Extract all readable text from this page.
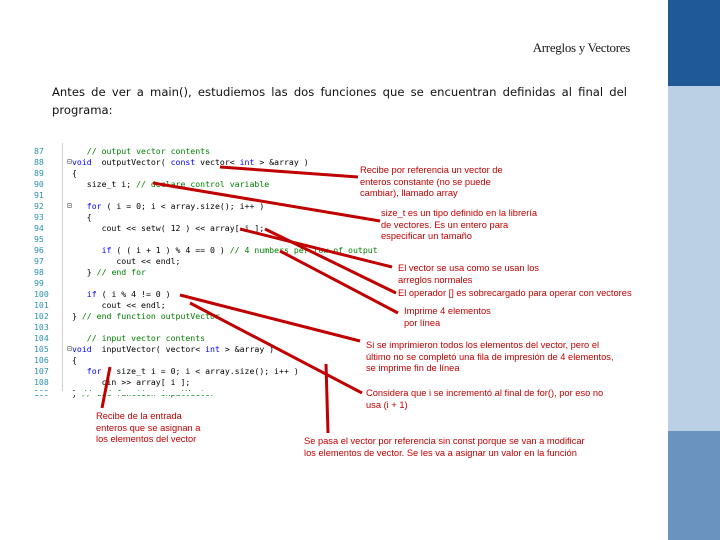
Arreglos y Vectores
Antes de ver a main(), estudiemos las dos funciones que se encuentran definidas al final del
programa:
87	// output vector contents
88	⊟ void  outputVector( const vector< int > &array )
89	{
90	size_t i; // declare control variable
91
92	⊟	for ( i = 0; i < array.size(); i++ )
93	{
94	cout << setw( 12 ) << array[ i ];
95
96	if ( ( i + 1 ) % 4 == 0 ) // 4 numbers per row of output
97	cout << endl;
98	} // end for
99
100	if ( i % 4 != 0 )
101	cout << endl;
102	} // end function outputVector
103
104	// input vector contents
105	⊟ void  inputVector( vector< int > &array )
106	{
107	for ( size_t i = 0; i < array.size(); i++ )
108	cin >> array[ i ];
Recibe por referencia un vector de
enteros constante (no se puede
cambiar), llamado array
size_t es un tipo definido en la librería
de vectores. Es un entero para
especificar un tamaño
El vector se usa como se usan los
arreglos normales
El operador [] es sobrecargado para operar con vectores
Imprime 4 elementos
por línea
Si se imprimieron todos los elementos del vector, pero el
último no se completó una fila de impresión de 4 elementos,
se imprime fin de línea
Considera que i se incrementó al final de for(), por eso no
usa (i + 1)
Recibe de la entrada
enteros que se asignan a
los elementos del vector	Se pasa el vector por referencia sin const porque se van a modificar
los elementos de vector. Se les va a asignar un valor en la función
